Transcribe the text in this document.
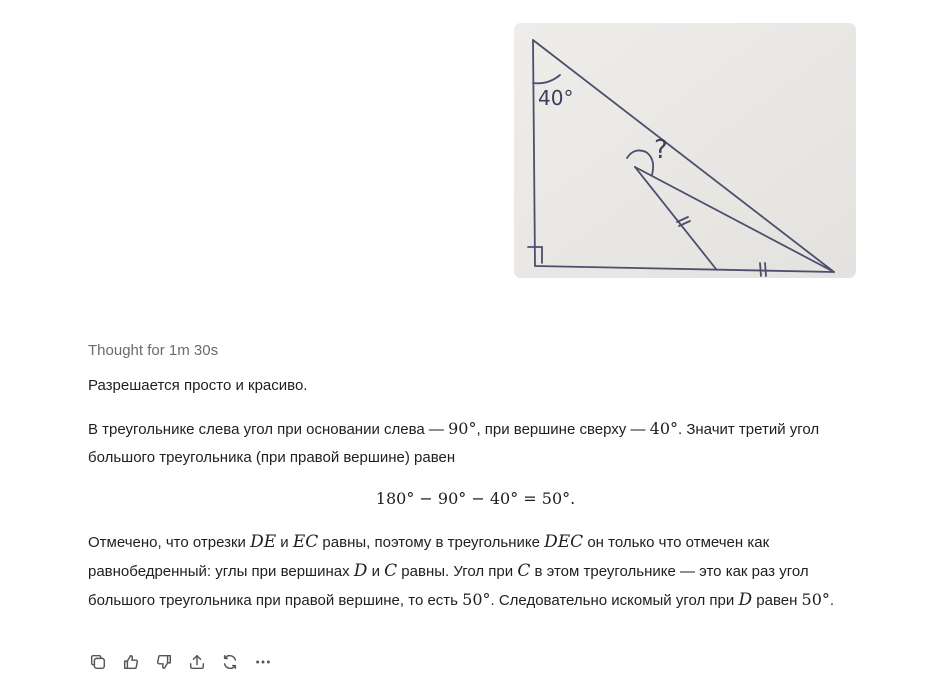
40°
?
Thought for 1m 30s

Разрешается просто и красиво.

В треугольнике слева угол при основании слева — 90°, при вершине сверху — 40°. Значит третий угол большого треугольника (при правой вершине) равен

180° − 90° − 40° = 50°.

Отмечено, что отрезки DE и EC равны, поэтому в треугольнике DEC он только что отмечен как равнобедренный: углы при вершинах D и C равны. Угол при C в этом треугольнике — это как раз угол большого треугольника при правой вершине, то есть 50°. Следовательно искомый угол при D равен 50°.
